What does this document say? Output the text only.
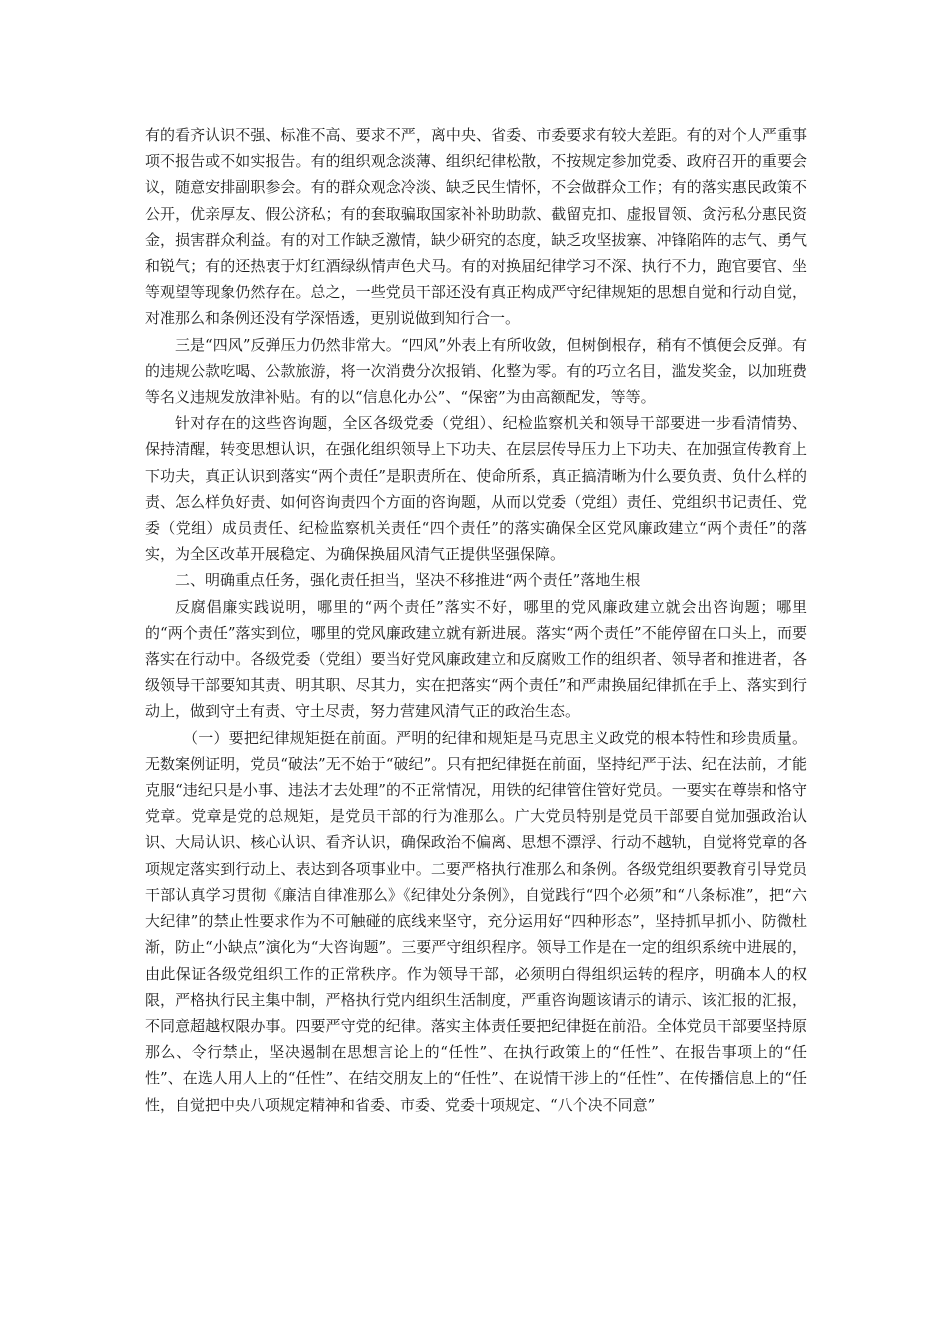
有的看齐认识不强、标准不高、要求不严，离中央、省委、市委要求有较大差距。有的对个人严重事项不报告或不如实报告。有的组织观念淡薄、组织纪律松散，不按规定参加党委、政府召开的重要会议，随意安排副职参会。有的群众观念冷淡、缺乏民生情怀，不会做群众工作；有的落实惠民政策不公开，优亲厚友、假公济私；有的套取骗取国家补补助助款、截留克扣、虚报冒领、贪污私分惠民资金，损害群众利益。有的对工作缺乏激情，缺少研究的态度，缺乏攻坚拔寨、冲锋陷阵的志气、勇气和锐气；有的还热衷于灯红酒绿纵情声色犬马。有的对换届纪律学习不深、执行不力，跑官要官、坐等观望等现象仍然存在。总之，一些党员干部还没有真正构成严守纪律规矩的思想自觉和行动自觉，对准那么和条例还没有学深悟透，更别说做到知行合一。

三是“四风”反弹压力仍然非常大。“四风”外表上有所收敛，但树倒根存，稍有不慎便会反弹。有的违规公款吃喝、公款旅游，将一次消费分次报销、化整为零。有的巧立名目，滥发奖金，以加班费等名义违规发放津补贴。有的以“信息化办公”、“保密”为由高额配发，等等。

针对存在的这些咨询题，全区各级党委（党组）、纪检监察机关和领导干部要进一步看清情势、保持清醒，转变思想认识，在强化组织领导上下功夫、在层层传导压力上下功夫、在加强宣传教育上下功夫，真正认识到落实“两个责任”是职责所在、使命所系，真正搞清晰为什么要负责、负什么样的责、怎么样负好责、如何咨询责四个方面的咨询题，从而以党委（党组）责任、党组织书记责任、党委（党组）成员责任、纪检监察机关责任“四个责任”的落实确保全区党风廉政建立“两个责任”的落实，为全区改革开展稳定、为确保换届风清气正提供坚强保障。

二、明确重点任务，强化责任担当，坚决不移推进“两个责任”落地生根

反腐倡廉实践说明，哪里的“两个责任”落实不好，哪里的党风廉政建立就会出咨询题；哪里的“两个责任”落实到位，哪里的党风廉政建立就有新进展。落实“两个责任”不能停留在口头上，而要落实在行动中。各级党委（党组）要当好党风廉政建立和反腐败工作的组织者、领导者和推进者，各级领导干部要知其责、明其职、尽其力，实在把落实“两个责任”和严肃换届纪律抓在手上、落实到行动上，做到守土有责、守土尽责，努力营建风清气正的政治生态。

（一）要把纪律规矩挺在前面。严明的纪律和规矩是马克思主义政党的根本特性和珍贵质量。无数案例证明，党员“破法”无不始于“破纪”。只有把纪律挺在前面，坚持纪严于法、纪在法前，才能克服“违纪只是小事、违法才去处理”的不正常情况，用铁的纪律管住管好党员。一要实在尊崇和恪守党章。党章是党的总规矩，是党员干部的行为准那么。广大党员特别是党员干部要自觉加强政治认识、大局认识、核心认识、看齐认识，确保政治不偏离、思想不漂浮、行动不越轨，自觉将党章的各项规定落实到行动上、表达到各项事业中。二要严格执行准那么和条例。各级党组织要教育引导党员干部认真学习贯彻《廉洁自律准那么》《纪律处分条例》，自觉践行“四个必须”和“八条标准”，把“六大纪律”的禁止性要求作为不可触碰的底线来坚守，充分运用好“四种形态”，坚持抓早抓小、防微杜渐，防止“小缺点”演化为“大咨询题”。三要严守组织程序。领导工作是在一定的组织系统中进展的，由此保证各级党组织工作的正常秩序。作为领导干部，必须明白得组织运转的程序，明确本人的权限，严格执行民主集中制，严格执行党内组织生活制度，严重咨询题该请示的请示、该汇报的汇报，不同意超越权限办事。四要严守党的纪律。落实主体责任要把纪律挺在前沿。全体党员干部要坚持原那么、令行禁止，坚决遏制在思想言论上的“任性”、在执行政策上的“任性”、在报告事项上的“任性”、在选人用人上的“任性”、在结交朋友上的“任性”、在说情干涉上的“任性”、在传播信息上的“任性，自觉把中央八项规定精神和省委、市委、党委十项规定、“八个决不同意”
